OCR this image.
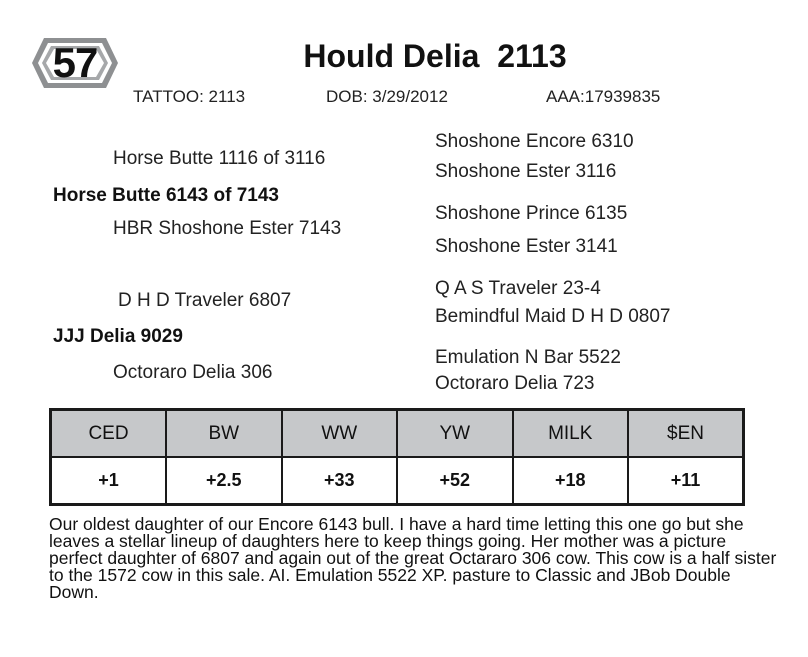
57	Hould Delia  2113
TATTOO: 2113	DOB: 3/29/2012	AAA:17939835
Horse Butte 1116 of 3116
Horse Butte 6143 of 7143
HBR Shoshone Ester 7143
Shoshone Encore 6310
Shoshone Ester 3116
Shoshone Prince 6135
Shoshone Ester 3141
D H D Traveler 6807
JJJ Delia 9029
Octoraro Delia 306
Q A S Traveler 23-4
Bemindful Maid D H D 0807
Emulation N Bar 5522
Octoraro Delia 723
CED	BW	WW	YW	MILK	$EN
+1	+2.5	+33	+52	+18	+11
Our oldest daughter of our Encore 6143 bull. I have a hard time letting this one go but she leaves a stellar lineup of daughters here to keep things going. Her mother was a picture perfect daughter of 6807 and again out of the great Octararo 306 cow. This cow is a half sister to the 1572 cow in this sale. AI. Emulation 5522 XP. pasture to Classic and JBob Double Down.
